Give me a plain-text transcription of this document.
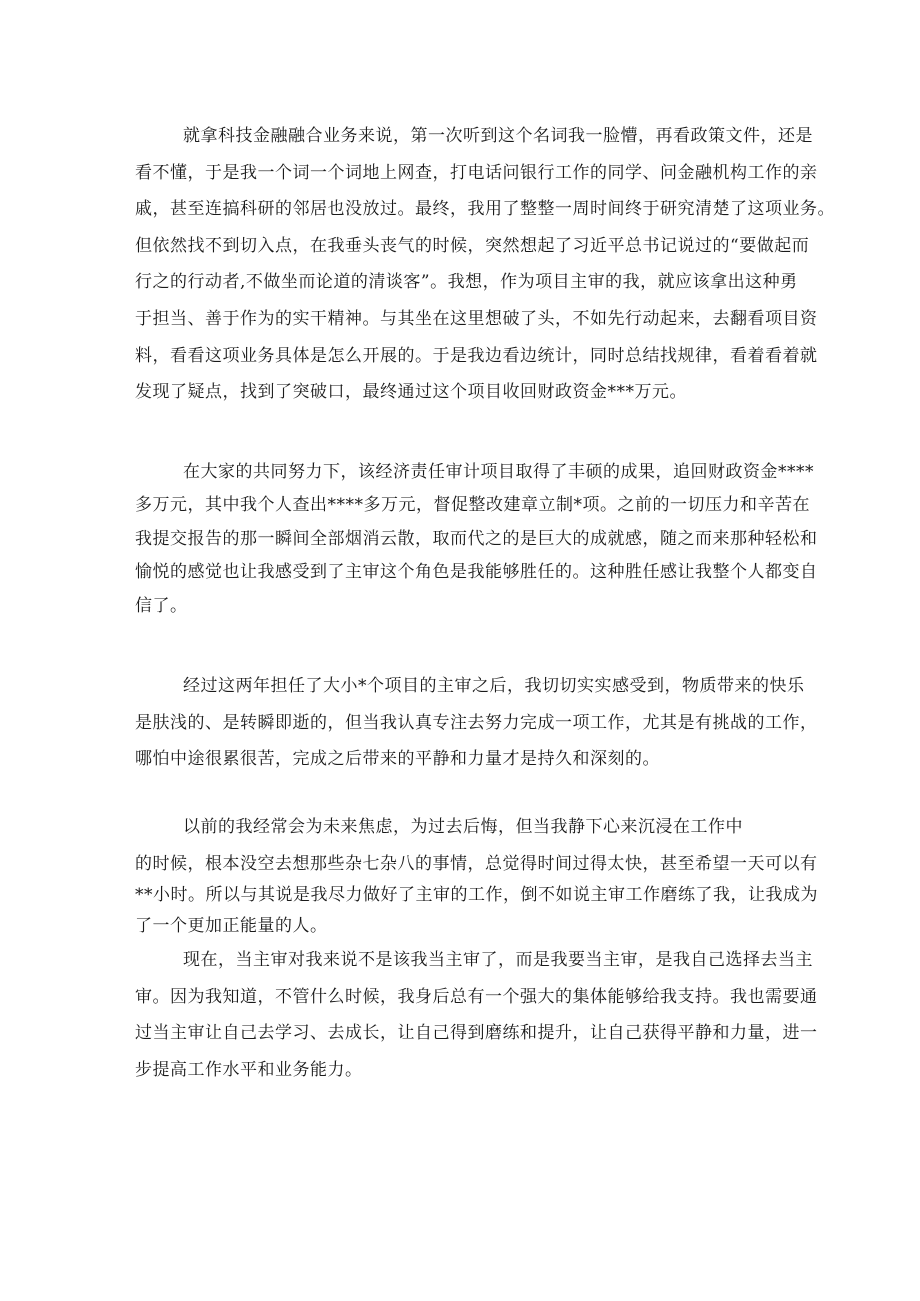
就拿科技金融融合业务来说，第一次听到这个名词我一脸懵，再看政策文件，还是
看不懂，于是我一个词一个词地上网查，打电话问银行工作的同学、问金融机构工作的亲
戚，甚至连搞科研的邻居也没放过。最终，我用了整整一周时间终于研究清楚了这项业务。
但依然找不到切入点，在我垂头丧气的时候，突然想起了习近平总书记说过的“要做起而
行之的行动者,不做坐而论道的清谈客”。我想，作为项目主审的我，就应该拿出这种勇
于担当、善于作为的实干精神。与其坐在这里想破了头，不如先行动起来，去翻看项目资
料，看看这项业务具体是怎么开展的。于是我边看边统计，同时总结找规律，看着看着就
发现了疑点，找到了突破口，最终通过这个项目收回财政资金***万元。

在大家的共同努力下，该经济责任审计项目取得了丰硕的成果，追回财政资金****
多万元，其中我个人查出****多万元，督促整改建章立制*项。之前的一切压力和辛苦在
我提交报告的那一瞬间全部烟消云散，取而代之的是巨大的成就感，随之而来那种轻松和
愉悦的感觉也让我感受到了主审这个角色是我能够胜任的。这种胜任感让我整个人都变自
信了。

经过这两年担任了大小*个项目的主审之后，我切切实实感受到，物质带来的快乐
是肤浅的、是转瞬即逝的，但当我认真专注去努力完成一项工作，尤其是有挑战的工作，
哪怕中途很累很苦，完成之后带来的平静和力量才是持久和深刻的。

以前的我经常会为未来焦虑，为过去后悔，但当我静下心来沉浸在工作中
的时候，根本没空去想那些杂七杂八的事情，总觉得时间过得太快，甚至希望一天可以有
**小时。所以与其说是我尽力做好了主审的工作，倒不如说主审工作磨练了我，让我成为
了一个更加正能量的人。

现在，当主审对我来说不是该我当主审了，而是我要当主审，是我自己选择去当主
审。因为我知道，不管什么时候，我身后总有一个强大的集体能够给我支持。我也需要通
过当主审让自己去学习、去成长，让自己得到磨练和提升，让自己获得平静和力量，进一
步提高工作水平和业务能力。
